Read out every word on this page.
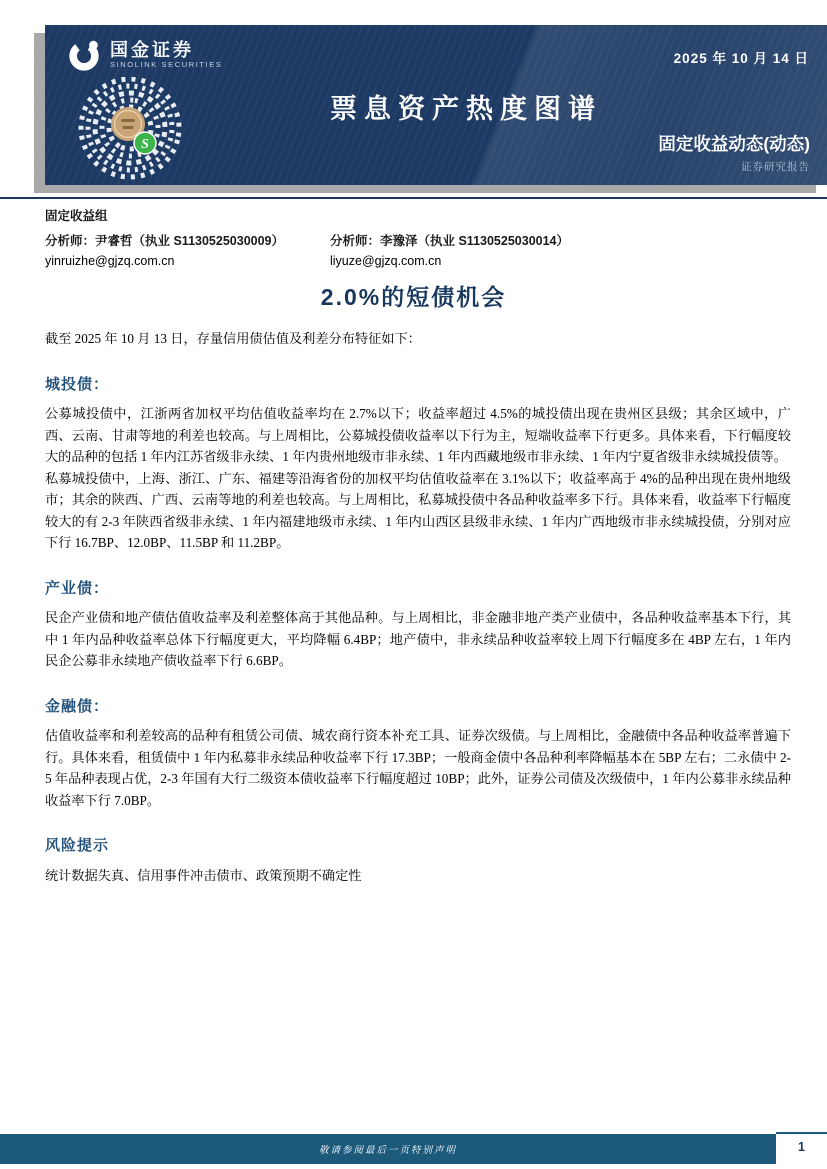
国金证券
SINOLINK SECURITIES	2025 年 10 月 14 日
票息资产热度图谱
固定收益动态(动态)
证券研究报告
S
固定收益组
分析师：尹睿哲（执业 S1130525030009）
yinruizhe@gjzq.com.cn
分析师：李豫泽（执业 S1130525030014）
liyuze@gjzq.com.cn
2.0%的短债机会

截至 2025 年 10 月 13 日，存量信用债估值及利差分布特征如下：

城投债：

公募城投债中，江浙两省加权平均估值收益率均在 2.7%以下；收益率超过 4.5%的城投债出现在贵州区县级；其余区域中，广西、云南、甘肃等地的利差也较高。与上周相比，公募城投债收益率以下行为主，短端收益率下行更多。具体来看，下行幅度较大的品种的包括 1 年内江苏省级非永续、1 年内贵州地级市非永续、1 年内西藏地级市非永续、1 年内宁夏省级非永续城投债等。

私募城投债中，上海、浙江、广东、福建等沿海省份的加权平均估值收益率在 3.1%以下；收益率高于 4%的品种出现在贵州地级市；其余的陕西、广西、云南等地的利差也较高。与上周相比，私募城投债中各品种收益率多下行。具体来看，收益率下行幅度较大的有 2-3 年陕西省级非永续、1 年内福建地级市永续、1 年内山西区县级非永续、1 年内广西地级市非永续城投债，分别对应下行 16.7BP、12.0BP、11.5BP 和 11.2BP。

产业债：

民企产业债和地产债估值收益率及利差整体高于其他品种。与上周相比，非金融非地产类产业债中，各品种收益率基本下行，其中 1 年内品种收益率总体下行幅度更大，平均降幅 6.4BP；地产债中，非永续品种收益率较上周下行幅度多在 4BP 左右，1 年内民企公募非永续地产债收益率下行 6.6BP。

金融债：

估值收益率和利差较高的品种有租赁公司债、城农商行资本补充工具、证券次级债。与上周相比，金融债中各品种收益率普遍下行。具体来看，租赁债中 1 年内私募非永续品种收益率下行 17.3BP；一般商金债中各品种利率降幅基本在 5BP 左右；二永债中 2-5 年品种表现占优，2-3 年国有大行二级资本债收益率下行幅度超过 10BP；此外，证券公司债及次级债中，1 年内公募非永续品种收益率下行 7.0BP。

风险提示

统计数据失真、信用事件冲击债市、政策预期不确定性

敬请参阅最后一页特别声明	1
